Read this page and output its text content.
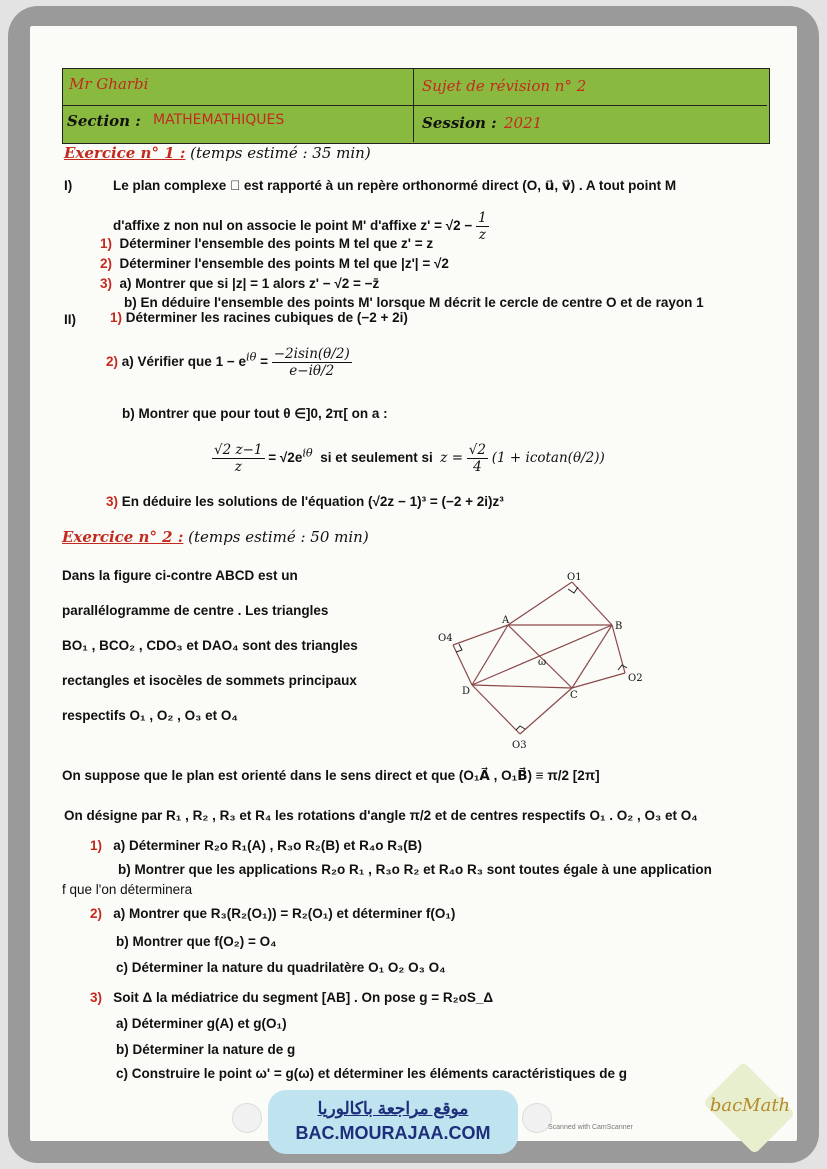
Mr Gharbi	Sujet de révision n° 2
Section : MATHEMATHIQUES	Session : 2021
Exercice n° 1 : (temps estimé : 35 min)
I)	Le plan complexe 𝒫 est rapporté à un repère orthonormé direct (O, u⃗, v⃗) . A tout point M
d'affixe z non nul on associe le point M' d'affixe $z' = √2 - \frac{1}{z}$
1) Déterminer l'ensemble des points M tel que z' = z
2) Déterminer l'ensemble des points M tel que |z'| = √2
3) a) Montrer que si |z| = 1 alors z' − √2 = −z̄
b) En déduire l'ensemble des points M' lorsque M décrit le cercle de centre O et de rayon 1
II)	1) Déterminer les racines cubiques de (−2 + 2i)
2) a) Vérifier que $1 - e^{i\theta} = \frac{-2isin(\theta/2)}{e-i\theta/2}$
b) Montrer que pour tout θ ∈]0, 2π[ on a :
$\frac{√2 z-1}{z} = √2e^{i\theta}$ si et seulement si $z = \frac{√2}{4} (1 + icotan(\theta/2))$
3) En déduire les solutions de l'équation (√2z − 1)³ = (−2 + 2i)z³
Exercice n° 2 : (temps estimé : 50 min)
Dans la figure ci-contre ABCD est un
parallélogramme de centre . Les triangles
BO₁ , BCO₂ , CDO₃ et DAO₄ sont des triangles
rectangles et isocèles de sommets principaux
respectifs O₁ , O₂ , O₃ et O₄
O1
O2
O3
O4
A
B
C
D
ω
On suppose que le plan est orienté dans le sens direct et que (O₁A⃗ , O₁B⃗) ≡ π/2 [2π]
On désigne par R₁ , R₂ , R₃ et R₄ les rotations d'angle π/2 et de centres respectifs O₁ . O₂ , O₃ et O₄
1) a) Déterminer R₂o R₁(A) , R₃o R₂(B) et R₄o R₃(B)
b) Montrer que les applications R₂o R₁ , R₃o R₂ et R₄o R₃ sont toutes égale à une application
f que l'on déterminera
2) a) Montrer que R₃(R₂(O₁)) = R₂(O₁) et déterminer f(O₁)
b) Montrer que f(O₂) = O₄
c) Déterminer la nature du quadrilatère O₁ O₂ O₃ O₄
3) Soit Δ la médiatrice du segment [AB] . On pose g = R₂oS_Δ
a) Déterminer g(A) et g(O₁)
b) Déterminer la nature de g
c) Construire le point ω' = g(ω) et déterminer les éléments caractéristiques de g
موقع مراجعة باكالوريا
BAC.MOURAJAA.COM	Scanned with CamScanner
bacMath
